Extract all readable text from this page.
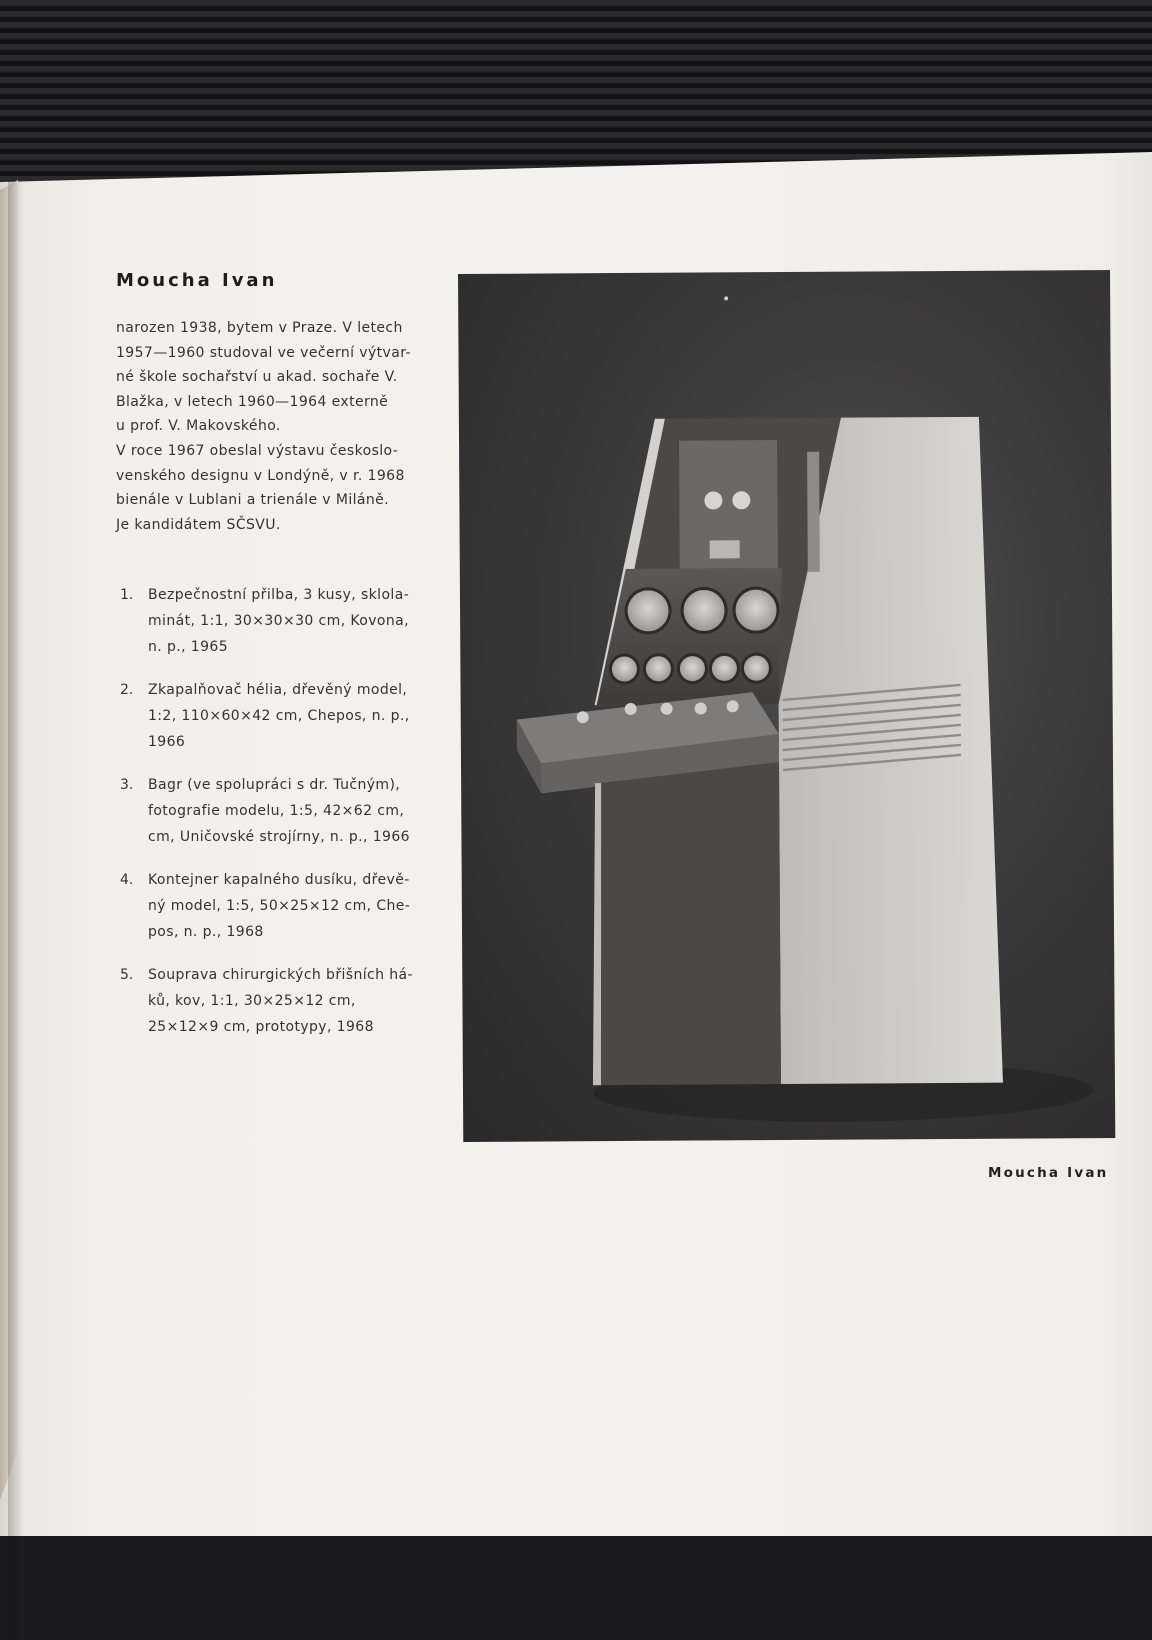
Moucha Ivan
narozen 1938, bytem v Praze. V letech
1957—1960 studoval ve večerní výtvar-
né škole sochařství u akad. sochaře V.
Blažka, v letech 1960—1964 externě
u prof. V. Makovského.
V roce 1967 obeslal výstavu českoslo-
venského designu v Londýně, v r. 1968
bienále v Lublani a trienále v Miláně.
Je kandidátem SČSVU.
1. Bezpečnostní přilba, 3 kusy, sklola-
minát, 1:1, 30×30×30 cm, Kovona,
n. p., 1965
2. Zkapalňovač hélia, dřevěný model,
1:2, 110×60×42 cm, Chepos, n. p.,
1966
3. Bagr (ve spolupráci s dr. Tučným),
fotografie modelu, 1:5, 42×62 cm,
cm, Uničovské strojírny, n. p., 1966
4. Kontejner kapalného dusíku, dřevě-
ný model, 1:5, 50×25×12 cm, Che-
pos, n. p., 1968
5. Souprava chirurgických břišních há-
ků, kov, 1:1, 30×25×12 cm,
25×12×9 cm, prototypy, 1968
Moucha Ivan
